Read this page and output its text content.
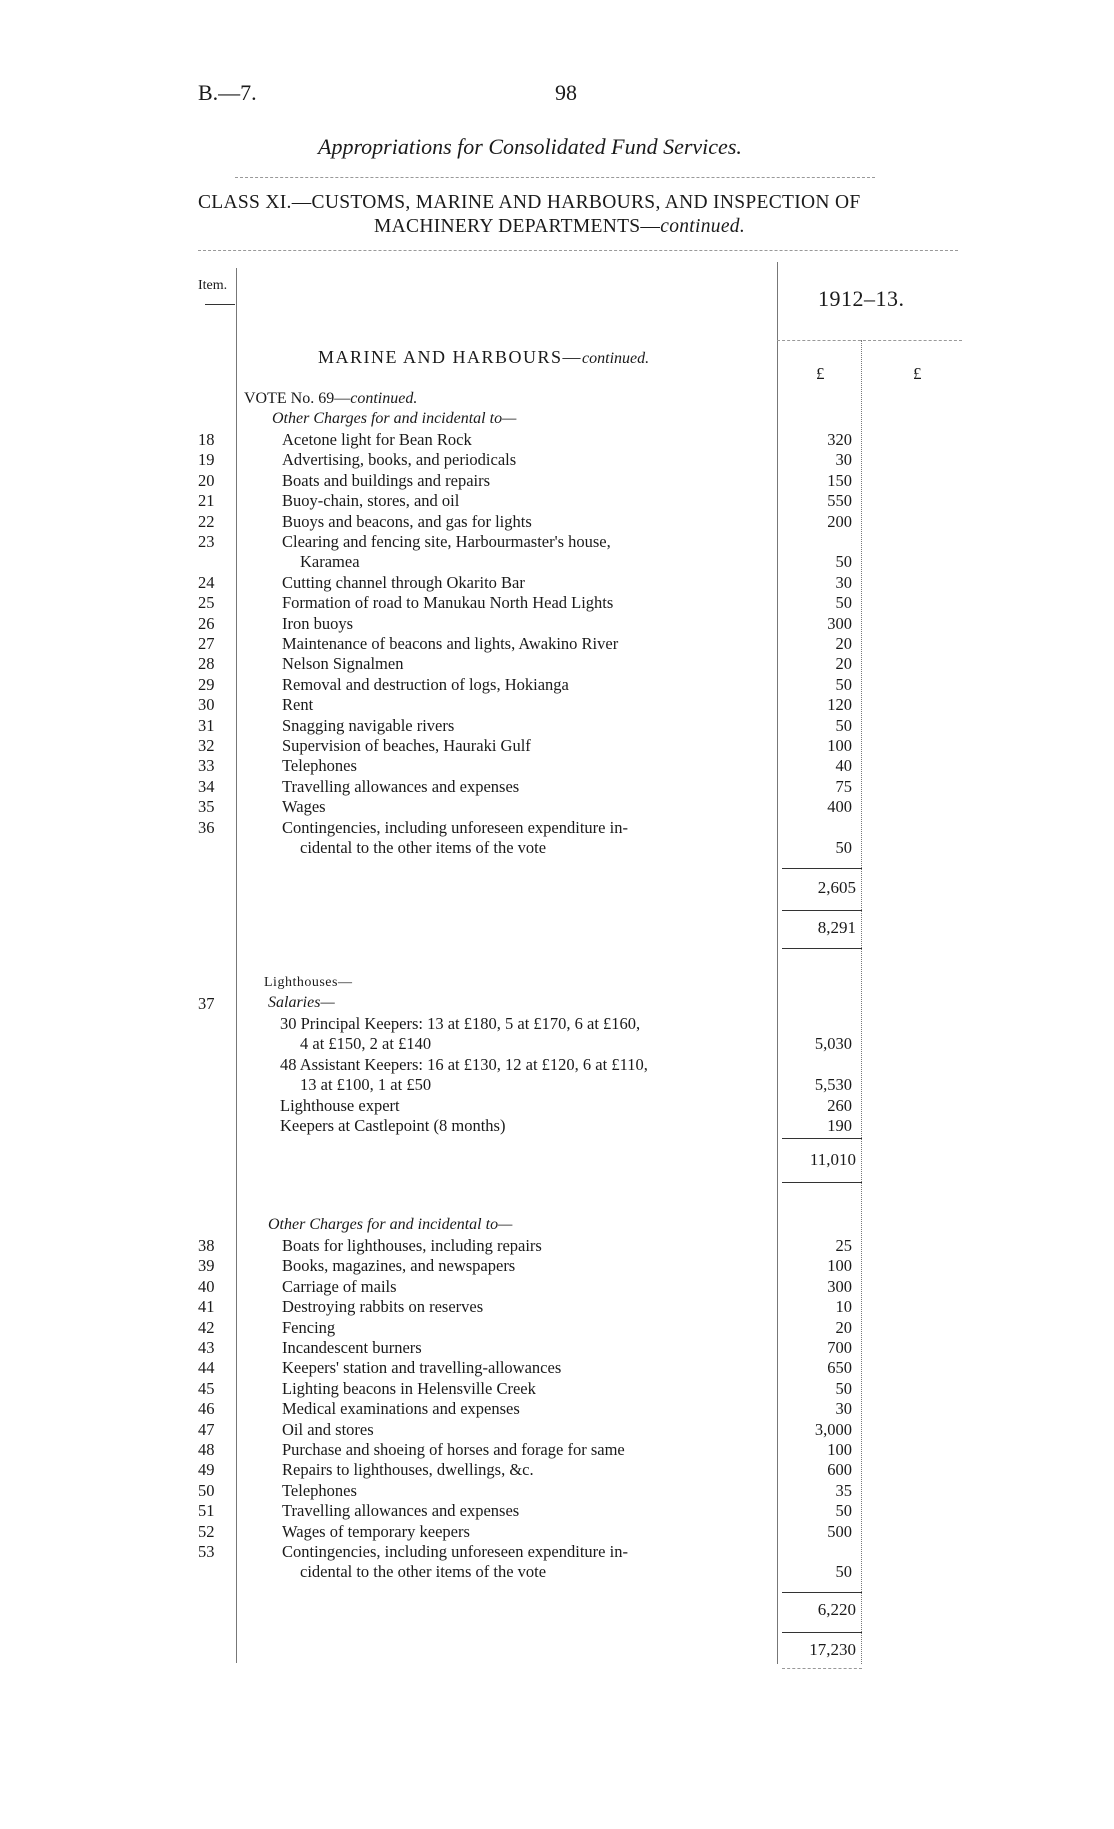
B.—7.	98
Appropriations for Consolidated Fund Services.
CLASS XI.—CUSTOMS, MARINE AND HARBOURS, AND INSPECTION OF
MACHINERY DEPARTMENTS—continued.
Item.
1912–13.
£	£
MARINE AND HARBOURS—continued.
VOTE No. 69—continued.
Other Charges for and incidental to—
18	Acetone light for Bean Rock	320
19	Advertising, books, and periodicals	30
20	Boats and buildings and repairs	150
21	Buoy-chain, stores, and oil	550
22	Buoys and beacons, and gas for lights	200
23	Clearing and fencing site, Harbourmaster's house,
Karamea	50
24	Cutting channel through Okarito Bar	30
25	Formation of road to Manukau North Head Lights	50
26	Iron buoys	300
27	Maintenance of beacons and lights, Awakino River	20
28	Nelson Signalmen	20
29	Removal and destruction of logs, Hokianga	50
30	Rent	120
31	Snagging navigable rivers	50
32	Supervision of beaches, Hauraki Gulf	100
33	Telephones	40
34	Travelling allowances and expenses	75
35	Wages	400
36	Contingencies, including unforeseen expenditure in-
cidental to the other items of the vote	50
2,605
8,291
Lighthouses—
37	Salaries—
30 Principal Keepers: 13 at £180, 5 at £170, 6 at £160,
4 at £150, 2 at £140	5,030
48 Assistant Keepers: 16 at £130, 12 at £120, 6 at £110,
13 at £100, 1 at £50	5,530
Lighthouse expert	260
Keepers at Castlepoint (8 months)	190
11,010
Other Charges for and incidental to—
38	Boats for lighthouses, including repairs	25
39	Books, magazines, and newspapers	100
40	Carriage of mails	300
41	Destroying rabbits on reserves	10
42	Fencing	20
43	Incandescent burners	700
44	Keepers' station and travelling-allowances	650
45	Lighting beacons in Helensville Creek	50
46	Medical examinations and expenses	30
47	Oil and stores	3,000
48	Purchase and shoeing of horses and forage for same	100
49	Repairs to lighthouses, dwellings, &c.	600
50	Telephones	35
51	Travelling allowances and expenses	50
52	Wages of temporary keepers	500
53	Contingencies, including unforeseen expenditure in-
cidental to the other items of the vote	50
6,220
17,230
